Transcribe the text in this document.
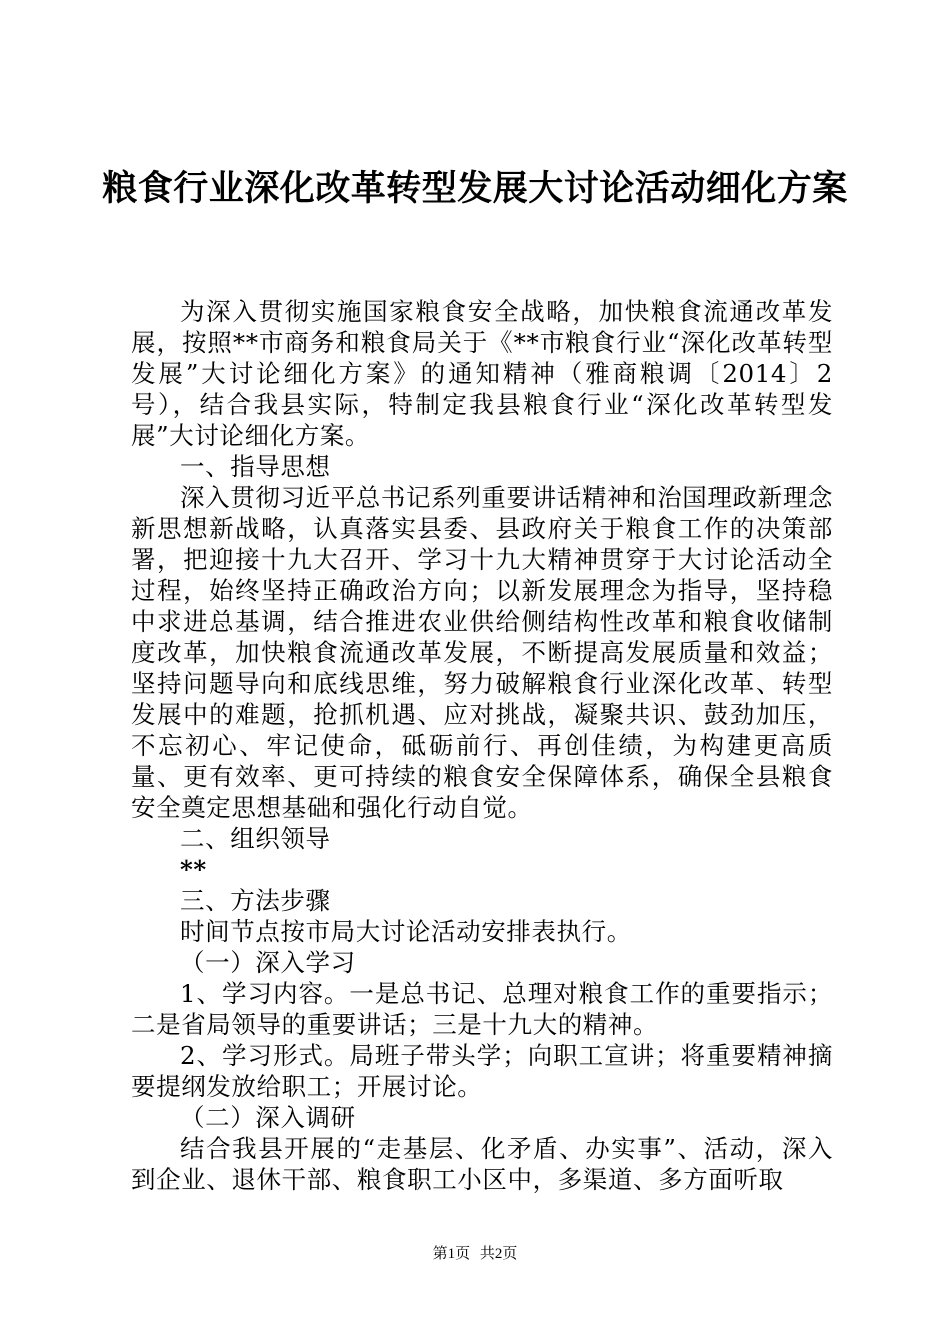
粮食行业深化改革转型发展大讨论活动细化方案

为深入贯彻实施国家粮食安全战略，加快粮食流通改革发展，按照**市商务和粮食局关于《**市粮食行业“深化改革转型发展”大讨论细化方案》的通知精神（雅商粮调〔2014〕2号），结合我县实际，特制定我县粮食行业“深化改革转型发展”大讨论细化方案。

一、指导思想

深入贯彻习近平总书记系列重要讲话精神和治国理政新理念新思想新战略，认真落实县委、县政府关于粮食工作的决策部署，把迎接十九大召开、学习十九大精神贯穿于大讨论活动全过程，始终坚持正确政治方向；以新发展理念为指导，坚持稳中求进总基调，结合推进农业供给侧结构性改革和粮食收储制度改革，加快粮食流通改革发展，不断提高发展质量和效益；坚持问题导向和底线思维，努力破解粮食行业深化改革、转型发展中的难题，抢抓机遇、应对挑战，凝聚共识、鼓劲加压，不忘初心、牢记使命，砥砺前行、再创佳绩，为构建更高质量、更有效率、更可持续的粮食安全保障体系，确保全县粮食安全奠定思想基础和强化行动自觉。

二、组织领导

**

三、方法步骤

时间节点按市局大讨论活动安排表执行。

（一）深入学习

1、学习内容。一是总书记、总理对粮食工作的重要指示；二是省局领导的重要讲话；三是十九大的精神。

2、学习形式。局班子带头学；向职工宣讲；将重要精神摘要提纲发放给职工；开展讨论。

（二）深入调研

结合我县开展的“走基层、化矛盾、办实事”、活动，深入到企业、退休干部、粮食职工小区中，多渠道、多方面听取

第1页 共2页
